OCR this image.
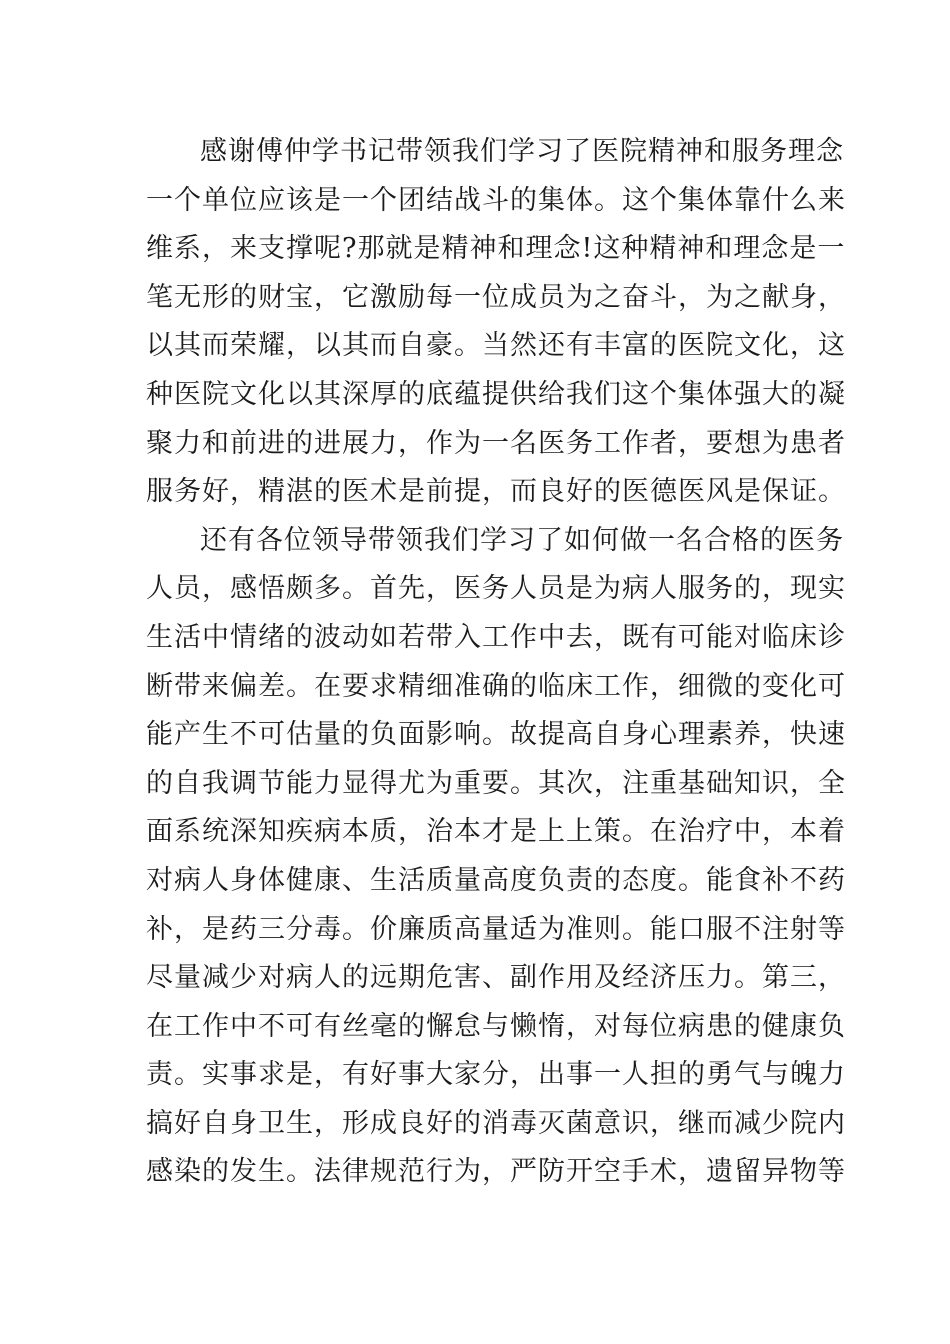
感谢傅仲学书记带领我们学习了医院精神和服务理念
一个单位应该是一个团结战斗的集体。这个集体靠什么来
维系，来支撑呢?那就是精神和理念!这种精神和理念是一
笔无形的财宝，它激励每一位成员为之奋斗，为之献身，
以其而荣耀，以其而自豪。当然还有丰富的医院文化，这
种医院文化以其深厚的底蕴提供给我们这个集体强大的凝
聚力和前进的进展力，作为一名医务工作者，要想为患者
服务好，精湛的医术是前提，而良好的医德医风是保证。
还有各位领导带领我们学习了如何做一名合格的医务
人员，感悟颇多。首先，医务人员是为病人服务的，现实
生活中情绪的波动如若带入工作中去，既有可能对临床诊
断带来偏差。在要求精细准确的临床工作，细微的变化可
能产生不可估量的负面影响。故提高自身心理素养，快速
的自我调节能力显得尤为重要。其次，注重基础知识，全
面系统深知疾病本质，治本才是上上策。在治疗中，本着
对病人身体健康、生活质量高度负责的态度。能食补不药
补，是药三分毒。价廉质高量适为准则。能口服不注射等
尽量减少对病人的远期危害、副作用及经济压力。第三，
在工作中不可有丝毫的懈怠与懒惰，对每位病患的健康负
责。实事求是，有好事大家分，出事一人担的勇气与魄力
搞好自身卫生，形成良好的消毒灭菌意识，继而减少院内
感染的发生。法律规范行为，严防开空手术，遗留异物等
